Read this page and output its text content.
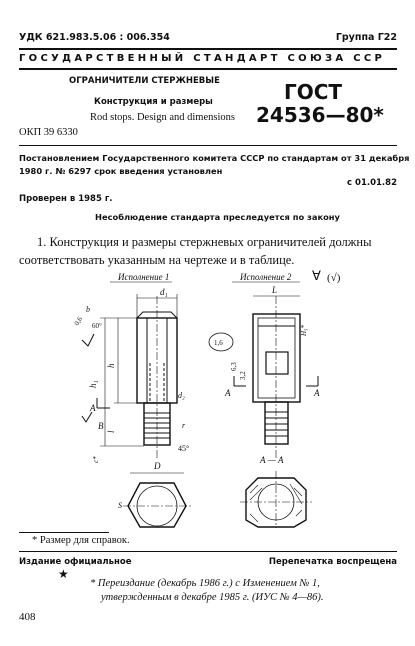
УДК 621.983.5.06 : 006.354	Группа Г22
ГОСУДАРСТВЕННЫЙ СТАНДАРТ СОЮЗА ССР
ОГРАНИЧИТЕЛИ СТЕРЖНЕВЫЕ
Конструкция и размеры
Rod stops. Design and dimensions
ОКП 39 6330
ГОСТ
24536—80*
Постановлением Государственного комитета СССР по стандартам от 31 декабря
1980 г. № 6297 срок введения установлен
с 01.01.82
Проверен в 1985 г.
Несоблюдение стандарта преследуется по закону
1. Конструкция и размеры стержневых ограничителей должны
соответствовать указанным на чертеже и в таблице.
Исполнение 1
d₁
h₁
h
l
b
60°
0,6
A
B
d₂
r
45°
c*
D
S
Исполнение 2 ∀ (√)
L
1,6
6,3
3,2
H₅*
A	A
А — А
* Размер для справок.
Издание официальное	Перепечатка воспрещена
★
* Переиздание (декабрь 1986 г.) с Изменением № 1,
утвержденным в декабре 1985 г. (ИУС № 4—86).
408
